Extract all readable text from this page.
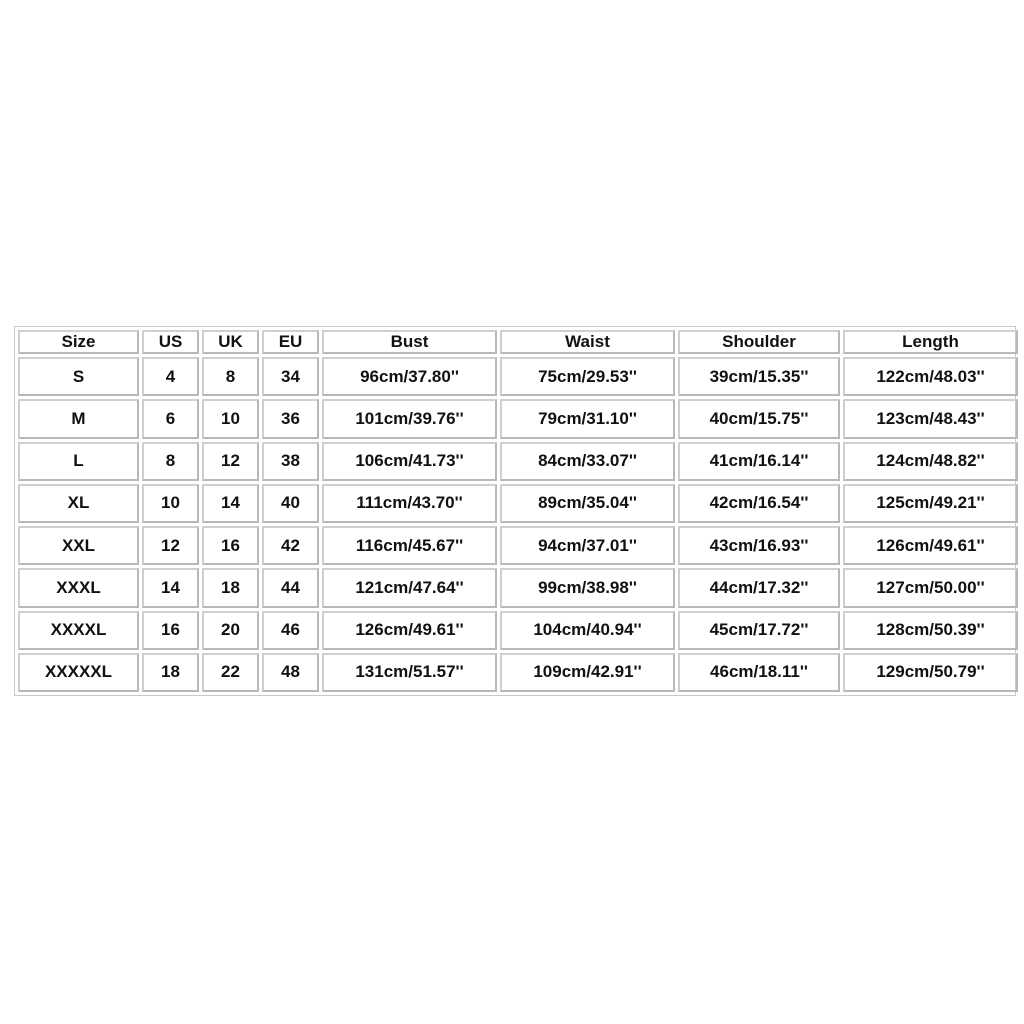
Size	US	UK	EU	Bust	Waist	Shoulder	Length
S	4	8	34	96cm/37.80''	75cm/29.53''	39cm/15.35''	122cm/48.03''
M	6	10	36	101cm/39.76''	79cm/31.10''	40cm/15.75''	123cm/48.43''
L	8	12	38	106cm/41.73''	84cm/33.07''	41cm/16.14''	124cm/48.82''
XL	10	14	40	111cm/43.70''	89cm/35.04''	42cm/16.54''	125cm/49.21''
XXL	12	16	42	116cm/45.67''	94cm/37.01''	43cm/16.93''	126cm/49.61''
XXXL	14	18	44	121cm/47.64''	99cm/38.98''	44cm/17.32''	127cm/50.00''
XXXXL	16	20	46	126cm/49.61''	104cm/40.94''	45cm/17.72''	128cm/50.39''
XXXXXL	18	22	48	131cm/51.57''	109cm/42.91''	46cm/18.11''	129cm/50.79''
